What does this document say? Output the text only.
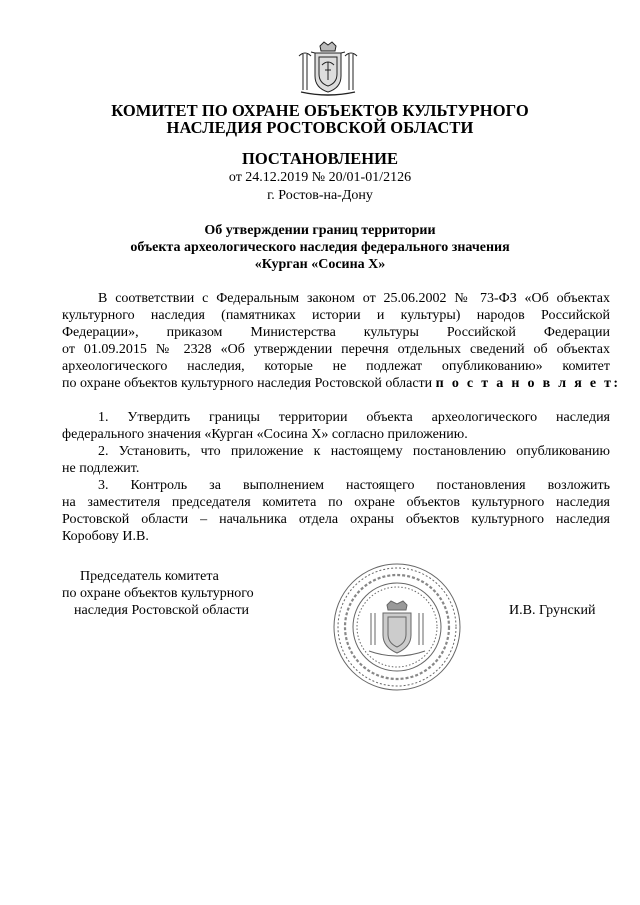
КОМИТЕТ ПО ОХРАНЕ ОБЪЕКТОВ КУЛЬТУРНОГО
НАСЛЕДИЯ РОСТОВСКОЙ ОБЛАСТИ
ПОСТАНОВЛЕНИЕ
от 24.12.2019 № 20/01-01/2126
г. Ростов-на-Дону
Об утверждении границ территории
объекта археологического наследия федерального значения
«Курган «Сосина Х»
В соответствии с Федеральным законом от 25.06.2002 № 73-ФЗ «Об объектах
культурного наследия (памятниках истории и культуры) народов Российской
Федерации», приказом Министерства культуры Российской Федерации
от 01.09.2015 № 2328 «Об утверждении перечня отдельных сведений об объектах
археологического наследия, которые не подлежат опубликованию» комитет
по охране объектов культурного наследия Ростовской области п о с т а н о в л я е т:
1. Утвердить границы территории объекта археологического наследия
федерального значения «Курган «Сосина Х» согласно приложению.
2. Установить, что приложение к настоящему постановлению опубликованию
не подлежит.
3. Контроль за выполнением настоящего постановления возложить
на заместителя председателя комитета по охране объектов культурного наследия
Ростовской области – начальника отдела охраны объектов культурного наследия
Коробову И.В.
Председатель комитета
по охране объектов культурного
наследия Ростовской области	И.В. Грунский
